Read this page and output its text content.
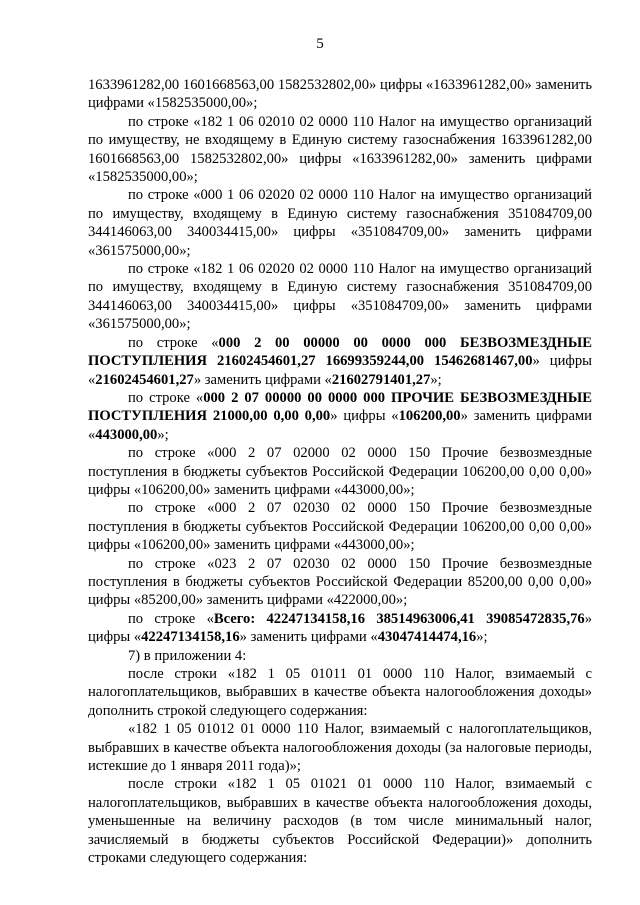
5

1633961282,00 1601668563,00 1582532802,00» цифры «1633961282,00» заменить цифрами «1582535000,00»;

по строке «182 1 06 02010 02 0000 110 Налог на имущество организаций по имуществу, не входящему в Единую систему газоснабжения 1633961282,00 1601668563,00 1582532802,00» цифры «1633961282,00» заменить цифрами «1582535000,00»;

по строке «000 1 06 02020 02 0000 110 Налог на имущество организаций по имуществу, входящему в Единую систему газоснабжения 351084709,00 344146063,00 340034415,00» цифры «351084709,00» заменить цифрами «361575000,00»;

по строке «182 1 06 02020 02 0000 110 Налог на имущество организаций по имуществу, входящему в Единую систему газоснабжения 351084709,00 344146063,00 340034415,00» цифры «351084709,00» заменить цифрами «361575000,00»;

по строке «000 2 00 00000 00 0000 000 БЕЗВОЗМЕЗДНЫЕ ПОСТУПЛЕНИЯ 21602454601,27 16699359244,00 15462681467,00» цифры «21602454601,27» заменить цифрами «21602791401,27»;

по строке «000 2 07 00000 00 0000 000 ПРОЧИЕ БЕЗВОЗМЕЗДНЫЕ ПОСТУПЛЕНИЯ 21000,00 0,00 0,00» цифры «106200,00» заменить цифрами «443000,00»;

по строке «000 2 07 02000 02 0000 150 Прочие безвозмездные поступления в бюджеты субъектов Российской Федерации 106200,00 0,00 0,00» цифры «106200,00» заменить цифрами «443000,00»;

по строке «000 2 07 02030 02 0000 150 Прочие безвозмездные поступления в бюджеты субъектов Российской Федерации 106200,00 0,00 0,00» цифры «106200,00» заменить цифрами «443000,00»;

по строке «023 2 07 02030 02 0000 150 Прочие безвозмездные поступления в бюджеты субъектов Российской Федерации 85200,00 0,00 0,00» цифры «85200,00» заменить цифрами «422000,00»;

по строке «Всего: 42247134158,16 38514963006,41 39085472835,76» цифры «42247134158,16» заменить цифрами «43047414474,16»;

7) в приложении 4:

после строки «182 1 05 01011 01 0000 110 Налог, взимаемый с налогоплательщиков, выбравших в качестве объекта налогообложения доходы» дополнить строкой следующего содержания:

«182 1 05 01012 01 0000 110 Налог, взимаемый с налогоплательщиков, выбравших в качестве объекта налогообложения доходы (за налоговые периоды, истекшие до 1 января 2011 года)»;

после строки «182 1 05 01021 01 0000 110 Налог, взимаемый с налогоплательщиков, выбравших в качестве объекта налогообложения доходы, уменьшенные на величину расходов (в том числе минимальный налог, зачисляемый в бюджеты субъектов Российской Федерации)» дополнить строками следующего содержания:
